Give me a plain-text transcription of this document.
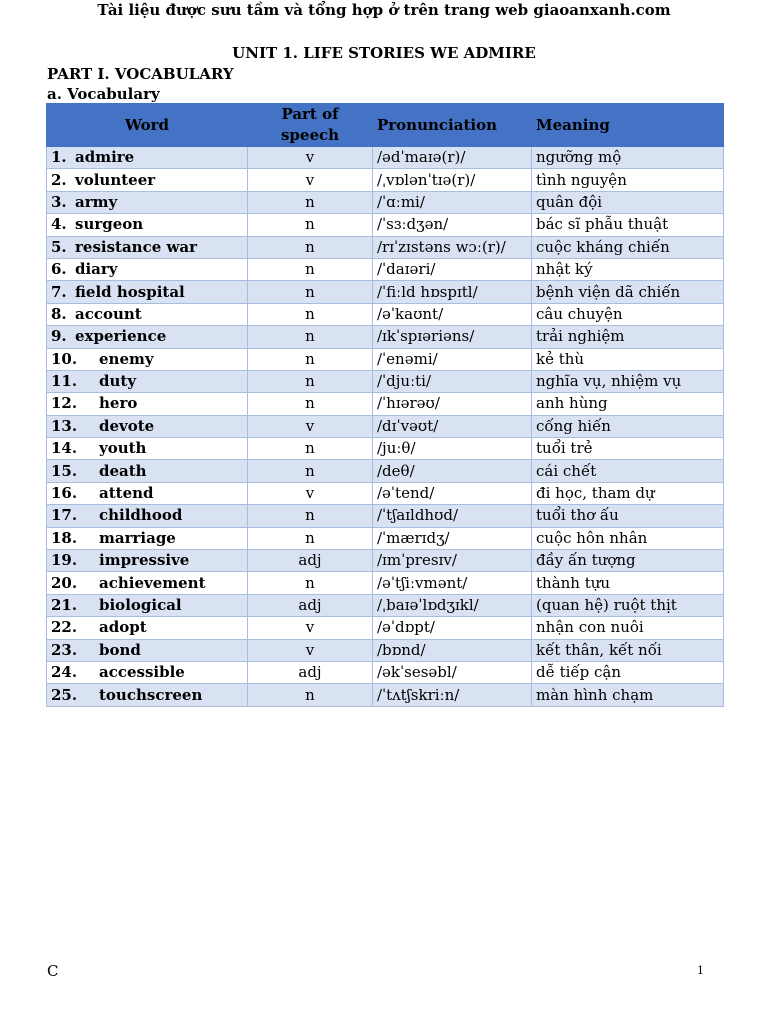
Tài liệu được sưu tầm và tổng hợp ở trên trang web giaoanxanh.com
UNIT 1. LIFE STORIES WE ADMIRE
PART I. VOCABULARY
a. Vocabulary
Word	Part of speech	Pronunciation	Meaning
1. admire	v	/ədˈmaɪə(r)/	ngưỡng mộ
2. volunteer	v	/ˌvɒlənˈtɪə(r)/	tình nguyện
3. army	n	/ˈɑːmi/	quân đội
4. surgeon	n	/ˈsɜːdʒən/	bác sĩ phẫu thuật
5. resistance war	n	/rɪˈzɪstəns wɔː(r)/	cuộc kháng chiến
6. diary	n	/ˈdaɪəri/	nhật ký
7. field hospital	n	/ˈfiːld hɒspɪtl/	bệnh viện dã chiến
8. account	n	/əˈkaʊnt/	câu chuyện
9. experience	n	/ɪkˈspɪəriəns/	trải nghiệm
10. enemy	n	/ˈenəmi/	kẻ thù
11. duty	n	/ˈdjuːti/	nghĩa vụ, nhiệm vụ
12. hero	n	/ˈhɪərəʊ/	anh hùng
13. devote	v	/dɪˈvəʊt/	cống hiến
14. youth	n	/juːθ/	tuổi trẻ
15. death	n	/deθ/	cái chết
16. attend	v	/əˈtend/	đi học, tham dự
17. childhood	n	/ˈtʃaɪldhʊd/	tuổi thơ ấu
18. marriage	n	/ˈmærɪdʒ/	cuộc hôn nhân
19. impressive	adj	/ɪmˈpresɪv/	đầy ấn tượng
20. achievement	n	/əˈtʃiːvmənt/	thành tựu
21. biological	adj	/ˌbaɪəˈlɒdʒɪkl/	(quan hệ) ruột thịt
22. adopt	v	/əˈdɒpt/	nhận con nuôi
23. bond	v	/bɒnd/	kết thân, kết nối
24. accessible	adj	/əkˈsesəbl/	dễ tiếp cận
25. touchscreen	n	/ˈtʌtʃskriːn/	màn hình chạm
C	1
